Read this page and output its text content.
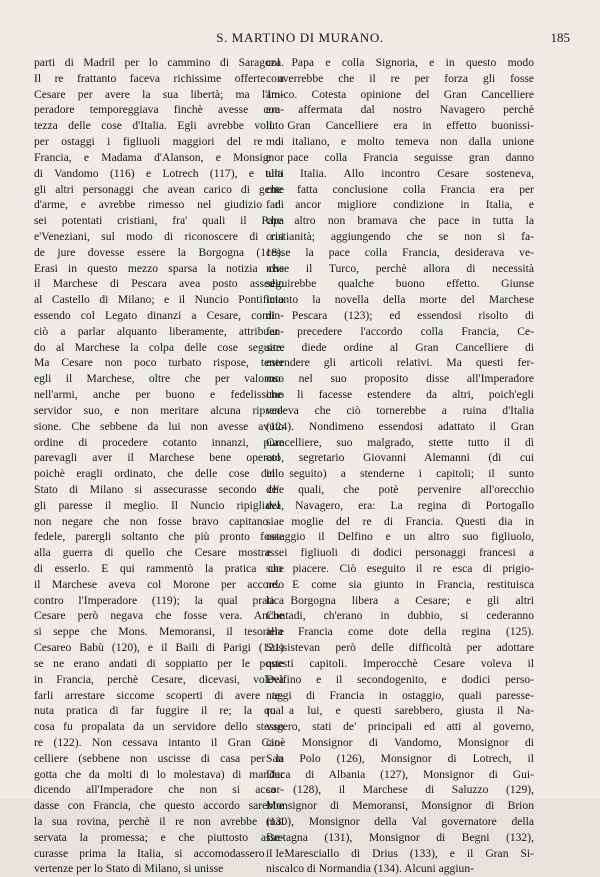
S. MARTINO DI MURANO.	185
parti di Madril per lo cammino di Saragoza.
Il re frattanto faceva richissime offerte a
Cesare per avere la sua libertà; ma l'Im-
peradore temporeggiava finchè avesse con-
tezza delle cose d'Italia. Egli avrebbe voluto
per ostaggi i figliuoli maggiori del re di
Francia, e Madama d'Alanson, e Monsignor
di Vandomo (116) e Lotrech (117), e tutti
gli altri personaggi che avean carico di gente
d'arme, e avrebbe rimesso nel giudizio di
sei potentati cristiani, fra' quali il Papa
e'Veneziani, sul modo di riconoscere di cui
de jure dovesse essere la Borgogna (118).
Erasi in questo mezzo sparsa la notizia che
il Marchese di Pescara avea posto assedio
al Castello di Milano; e il Nuncio Pontificio
essendo col Legato dinanzi a Cesare, comin-
ciò a parlar alquanto liberamente, attribuen-
do al Marchese la colpa delle cose seguite.
Ma Cesare non poco turbato rispose, tener
egli il Marchese, oltre che per valoroso
nell'armi, anche per buono e fedelissimo
servidor suo, e non meritare alcuna ripren-
sione. Che sebbene da lui non avesse avuto
ordine di procedere cotanto innanzi, pure
parevagli aver il Marchese bene operato,
poichè eragli ordinato, che delle cose dello
Stato di Milano si assecurasse secondo che
gli paresse il meglio. Il Nuncio ripigliava,
non negare che non fosse bravo capitano e
fedele, parergli soltanto che più pronto fosse
alla guerra di quello che Cesare mostrasse
di esserlo. E qui rammentò la pratica che
il Marchese aveva col Morone per accordo
contro l'Imperadore (119); la qual pratica
Cesare però negava che fosse vera. Anche
si seppe che Mons. Memoransi, il tesoriere
Cesareo Babù (120), e il Baili di Parigi (121)
se ne erano andati di soppiatto per le poste
in Francia, perchè Cesare, dicevasi, voleva
farli arrestare siccome scoperti di avere te-
nuta pratica di far fuggire il re; la qual
cosa fu propalata da un servidore dello stesso
re (122). Non cessava intanto il Gran Can-
celliere (sebbene non uscisse di casa per la
gotta che da molti di lo molestava) di mandar
dicendo all'Imperadore che non si accor-
dasse con Francia, che questo accordo sarebbe
la sua rovina, perchè il re non avrebbe mai
servata la promessa; e che piuttosto asse-
curasse prima la Italia, si accomodassero le
vertenze per lo Stato di Milano, si unisse
col Papa e colla Signoria, e in questo modo
converrebbe che il re per forza gli fosse
amico. Cotesta opinione del Gran Cancelliere
era affermata dal nostro Navagero perchè
il Gran Cancelliere era in effetto buonissi-
mo italiano, e molto temeva non dalla unione
e pace colla Francia seguisse gran danno
alla Italia. Allo incontro Cesare sosteneva,
che fatta conclusione colla Francia era per
far ancor migliore condizione in Italia, e
che altro non bramava che pace in tutta la
cristianità; aggiungendo che se non si fa-
cesse la pace colla Francia, desiderava ve-
nisse il Turco, perchè allora di necessità
seguirebbe qualche buono effetto. Giunse
intanto la novella della morte del Marchese
di Pescara (123); ed essendosi risolto di
far precedere l'accordo colla Francia, Ce-
sare diede ordine al Gran Cancelliere di
estendere gli articoli relativi. Ma questi fer-
mo nel suo proposito disse all'Imperadore
che li facesse estendere da altri, poich'egli
vedeva che ciò tornerebbe a ruina d'Italia
(124). Nondimeno essendosi adattato il Gran
Cancelliere, suo malgrado, stette tutto il dì
col segretario Giovanni Alemanni (di cui
in seguito) a stenderne i capitoli; il sunto
de' quali, che potè pervenire all'orecchio
del Navagero, era: La regina di Portogallo
sia moglie del re di Francia. Questi dia in
ostaggio il Delfino e un altro suo figliuolo,
e i figliuoli di dodici personaggi francesi a
suo piacere. Ciò eseguito il re esca di prigio-
ne. E come sia giunto in Francia, restituisca
la Borgogna libera a Cesare; e gli altri
Contadi, ch'erano in dubbio, si cederanno
alla Francia come dote della regina (125).
Sussistevan però delle difficoltà per adottare
questi capitoli. Imperocchè Cesare voleva il
Delfino e il secondogenito, e dodici perso-
naggi di Francia in ostaggio, quali paresse-
ro a lui, e questi sarebbero, giusta il Na-
vagero, stati de' principali ed atti al governo,
cioè Monsignor di Vandomo, Monsignor di
San Polo (126), Monsignor di Lotrech, il
Duca di Albania (127), Monsignor di Gui-
sa (128), il Marchese di Saluzzo (129),
Monsignor di Memoransi, Monsignor di Brion
(130), Monsignor della Val governatore della
Bretagna (131), Monsignor di Begni (132),
il Maresciallo di Drius (133), e il Gran Si-
niscalco di Normandia (134). Alcuni aggiun-
